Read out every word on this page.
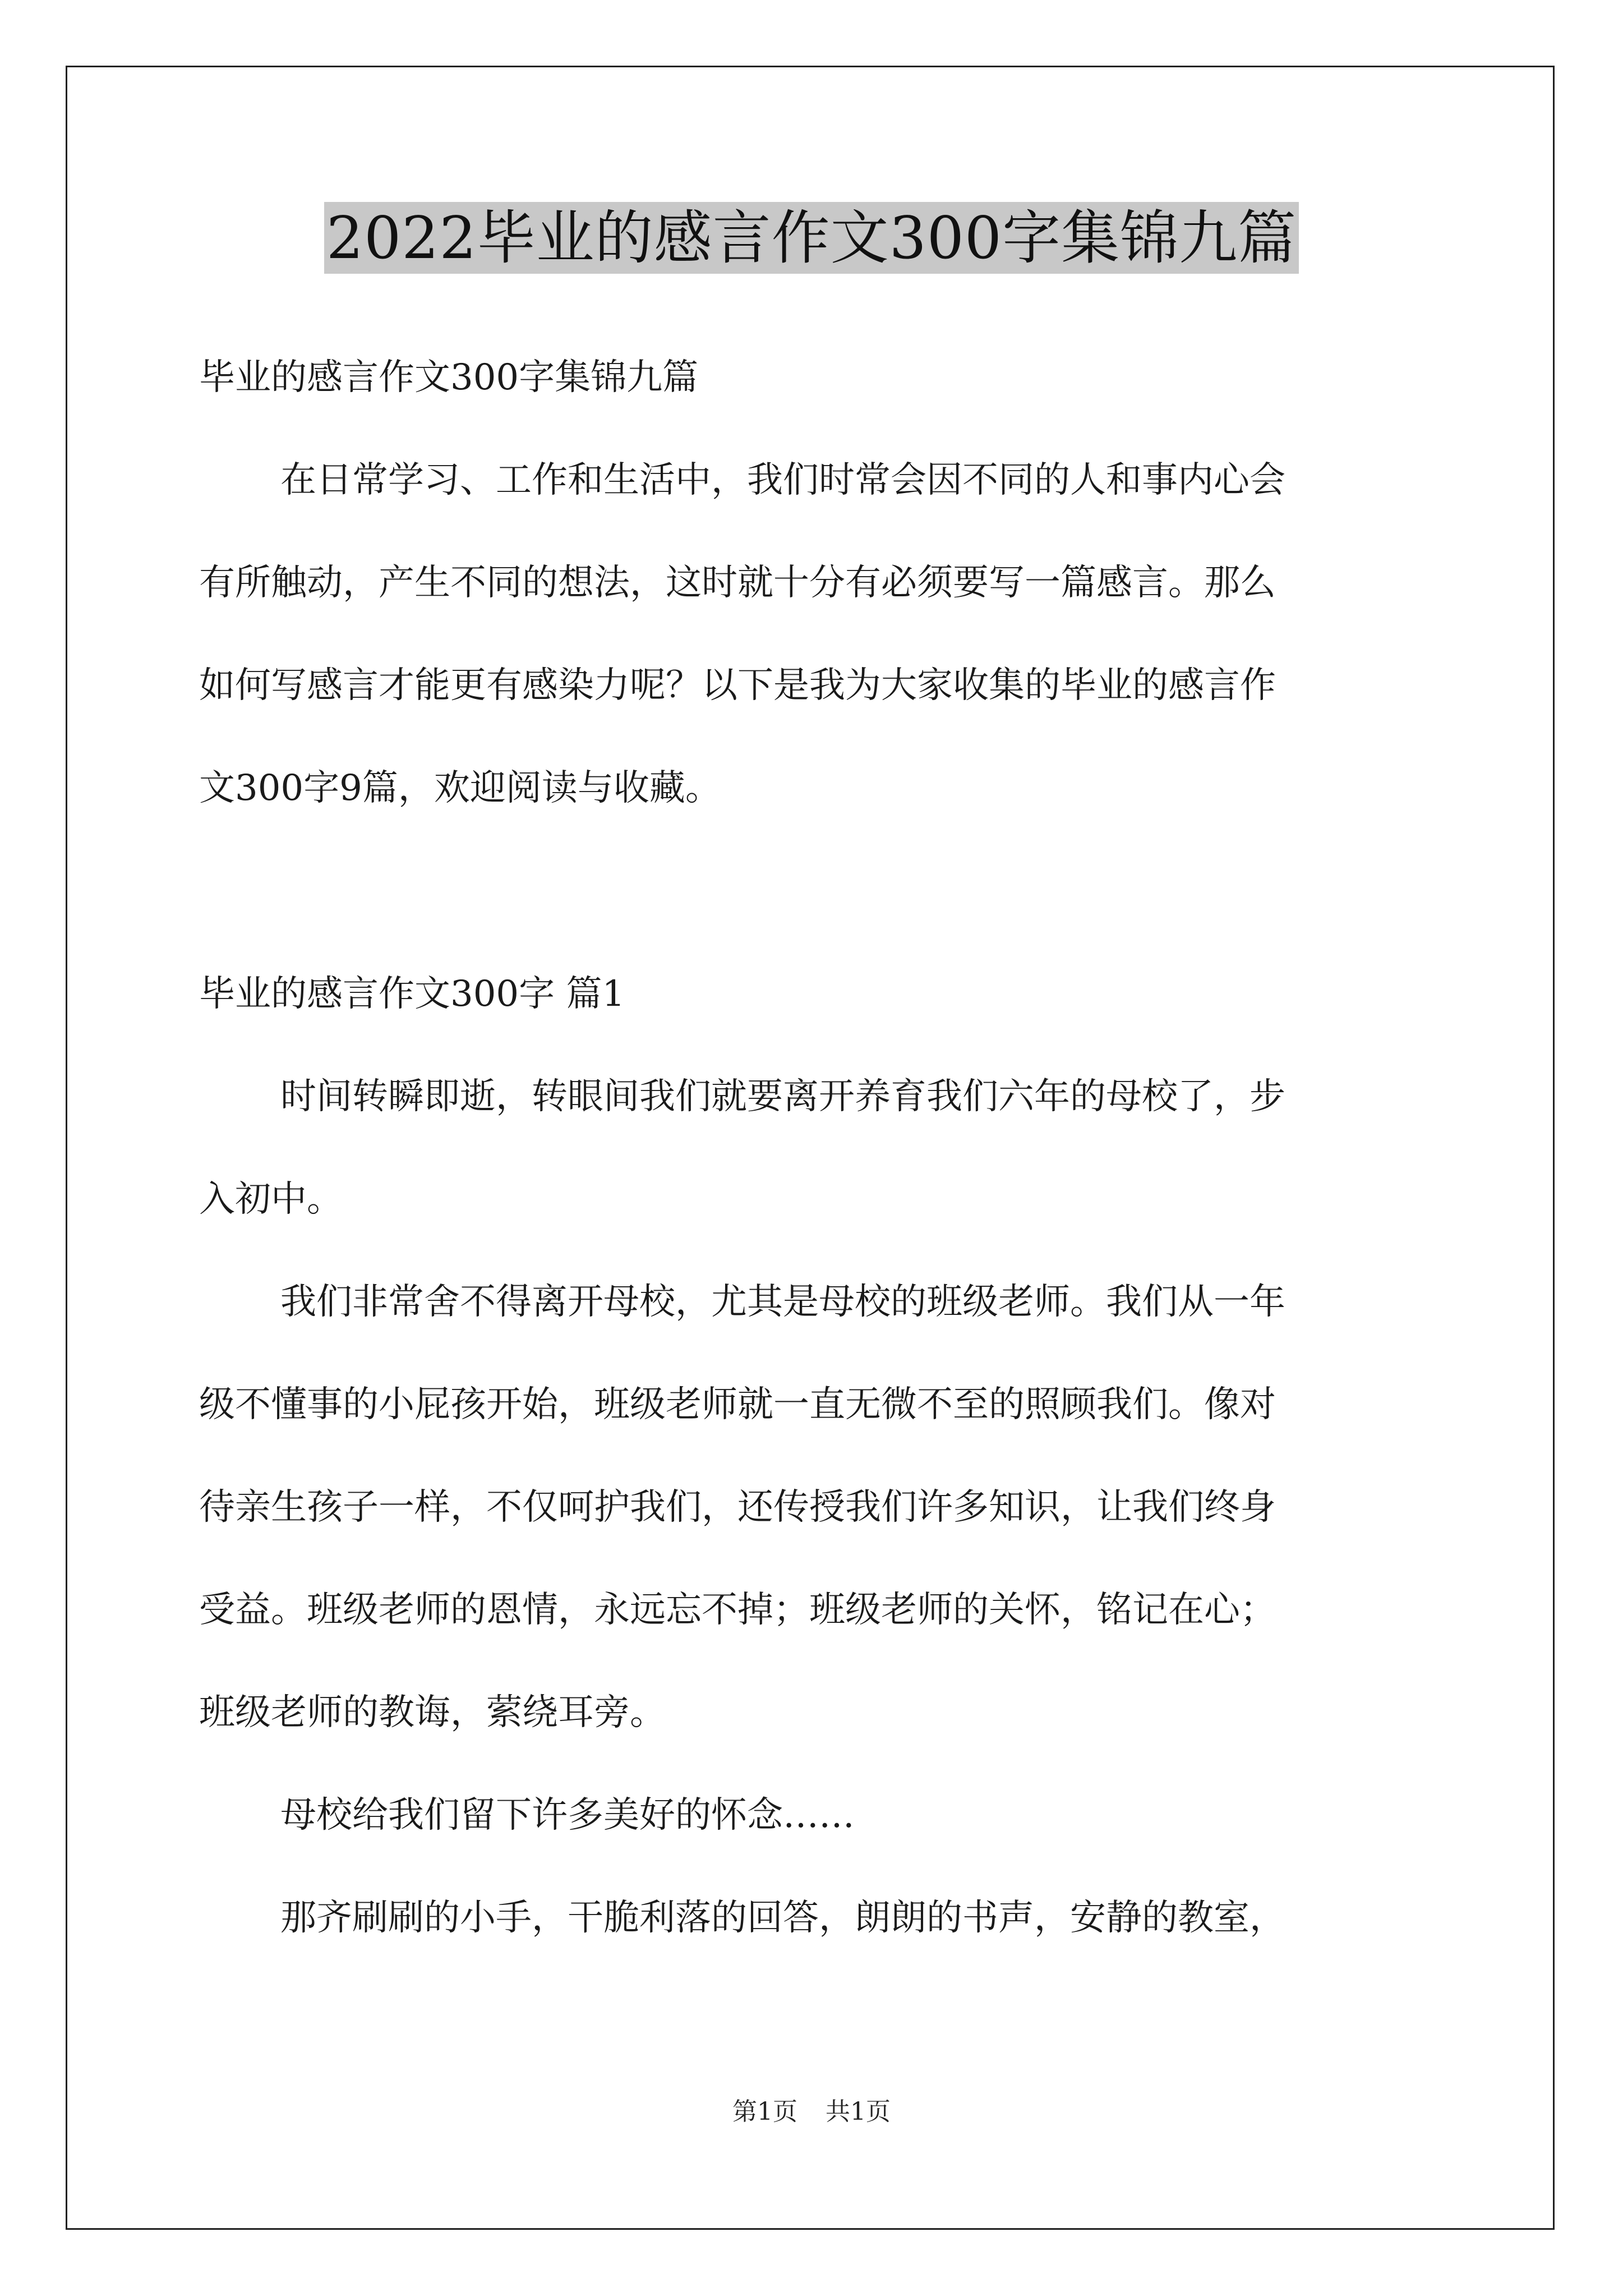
2022毕业的感言作文300字集锦九篇

毕业的感言作文300字集锦九篇

在日常学习、工作和生活中，我们时常会因不同的人和事内心会

有所触动，产生不同的想法，这时就十分有必须要写一篇感言。那么

如何写感言才能更有感染力呢？以下是我为大家收集的毕业的感言作

文300字9篇，欢迎阅读与收藏。

毕业的感言作文300字 篇1

时间转瞬即逝，转眼间我们就要离开养育我们六年的母校了，步

入初中。

我们非常舍不得离开母校，尤其是母校的班级老师。我们从一年

级不懂事的小屁孩开始，班级老师就一直无微不至的照顾我们。像对

待亲生孩子一样，不仅呵护我们，还传授我们许多知识，让我们终身

受益。班级老师的恩情，永远忘不掉；班级老师的关怀，铭记在心；

班级老师的教诲，萦绕耳旁。

母校给我们留下许多美好的怀念……

那齐刷刷的小手，干脆利落的回答，朗朗的书声，安静的教室，

第1页 共1页
